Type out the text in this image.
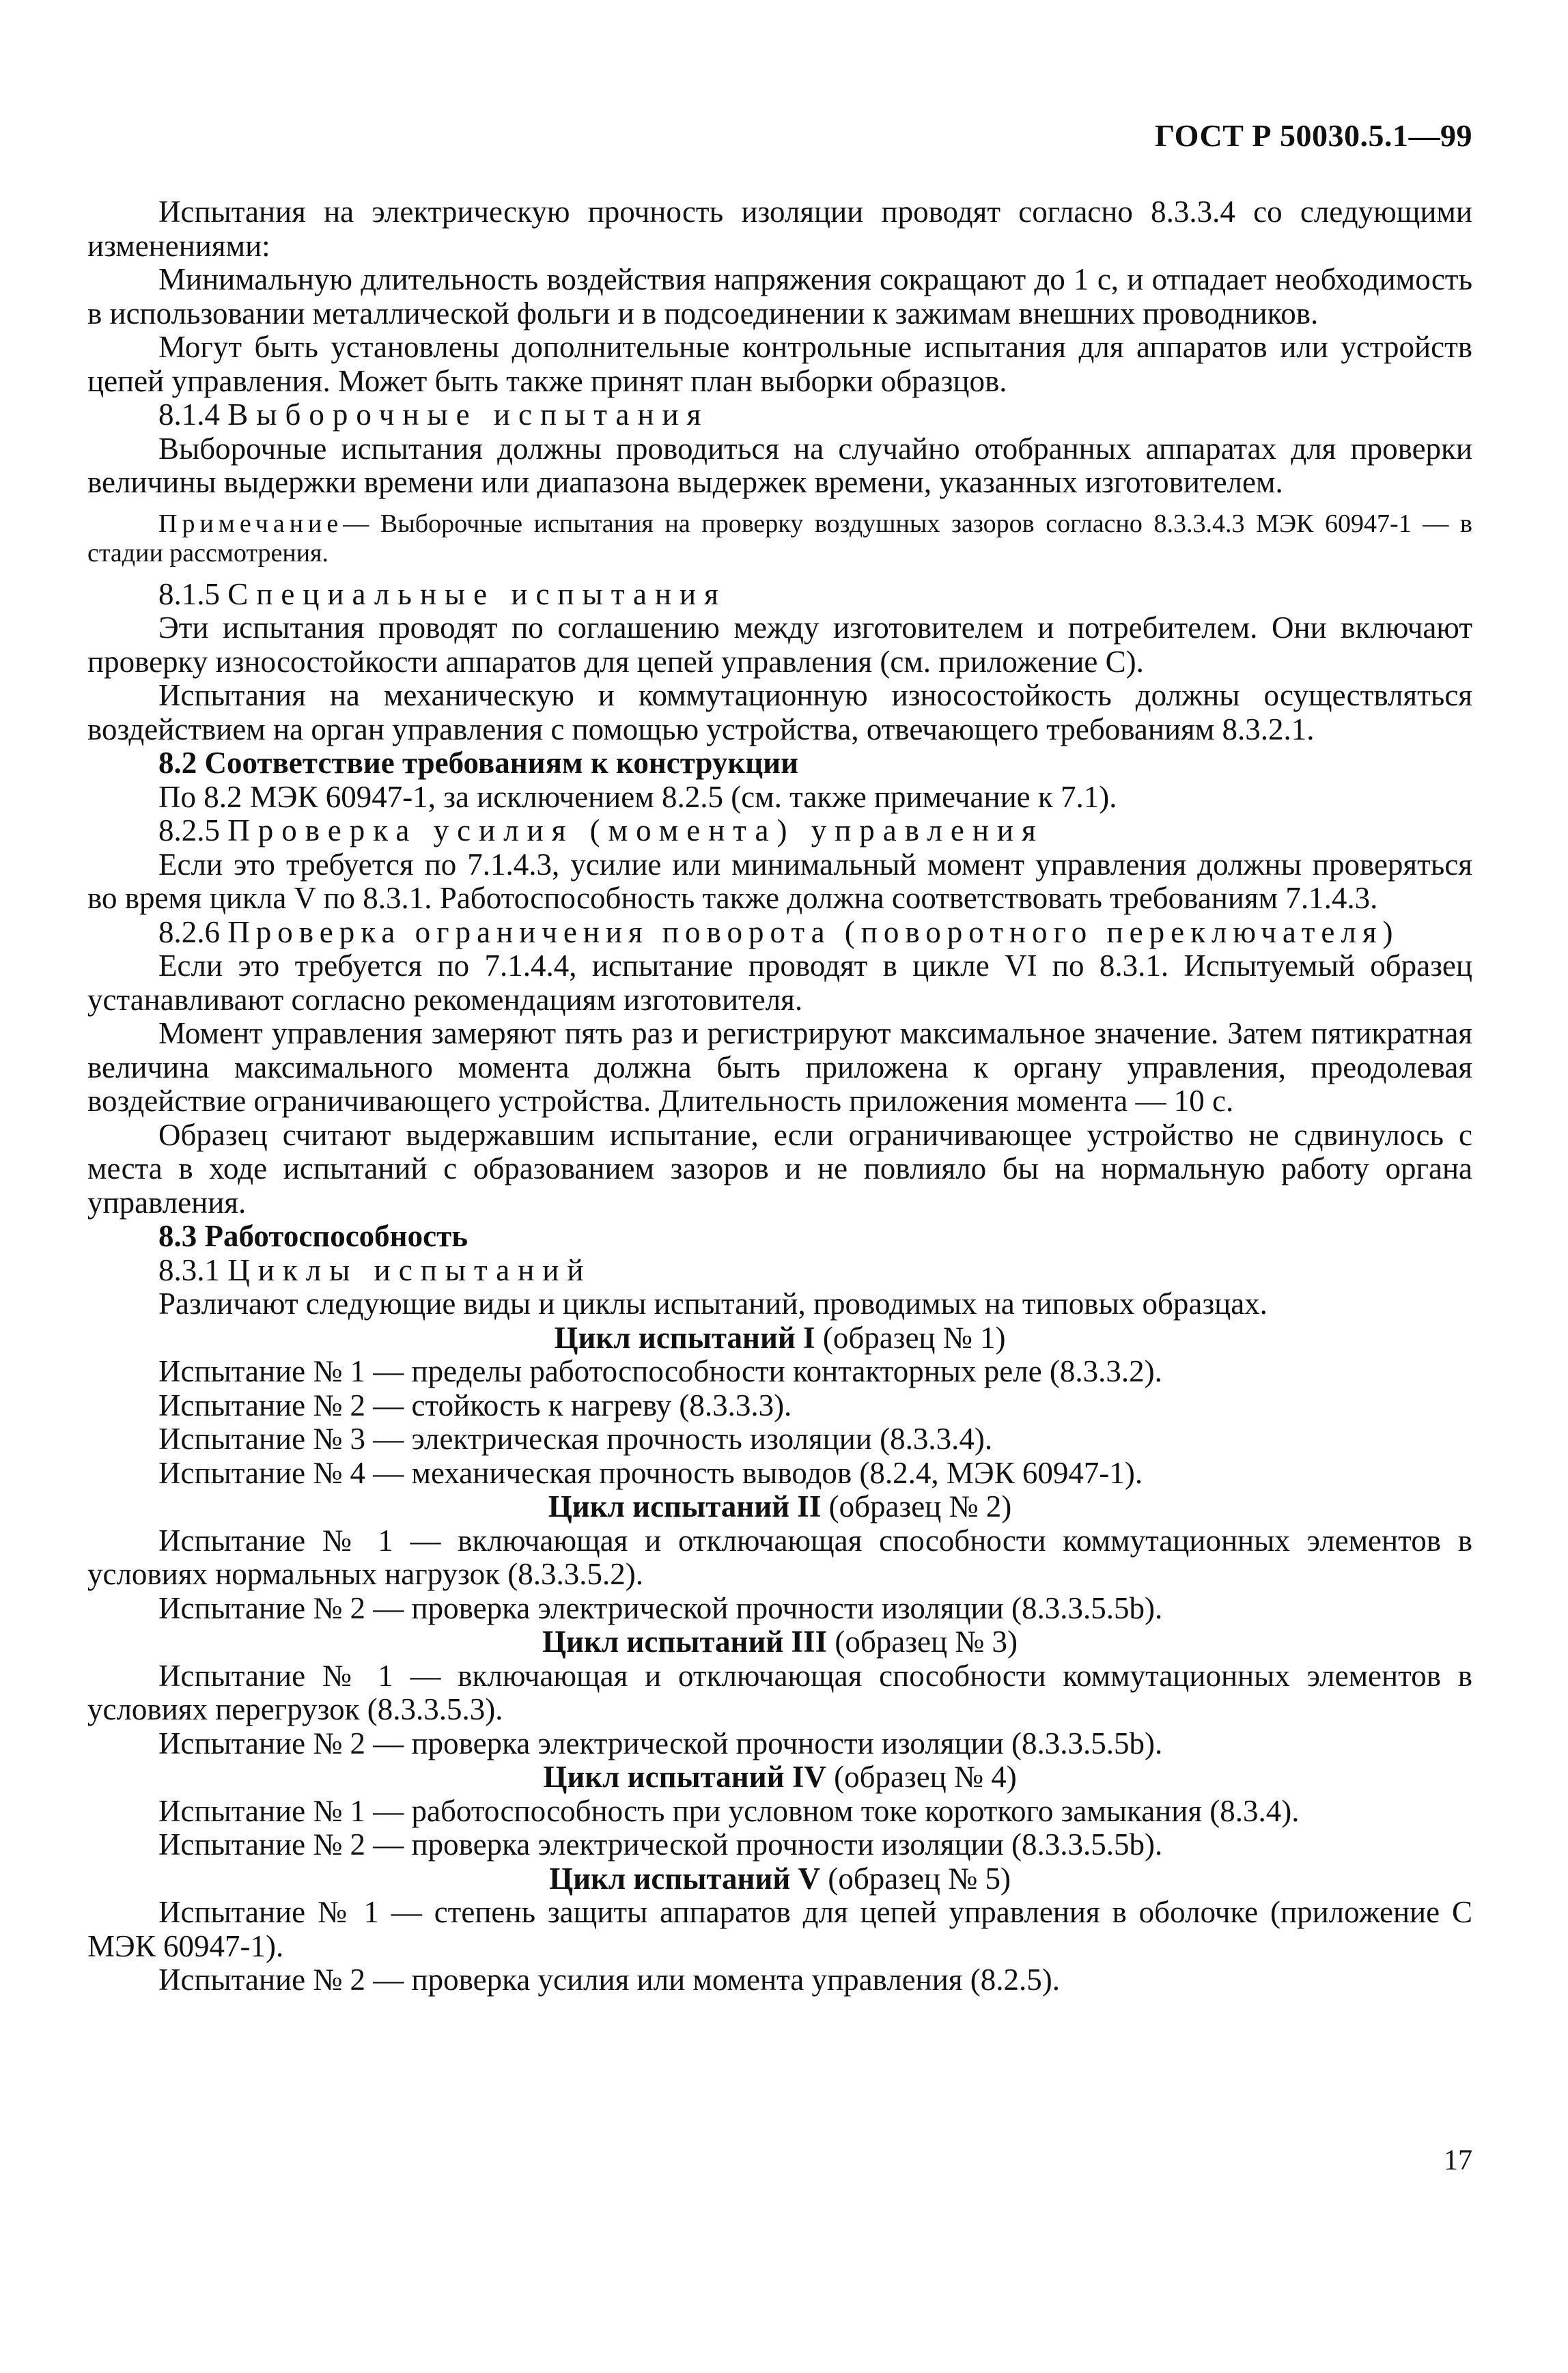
ГОСТ Р 50030.5.1—99

Испытания на электрическую прочность изоляции проводят согласно 8.3.3.4 со следующими изменениями:

Минимальную длительность воздействия напряжения сокращают до 1 с, и отпадает необходимость в использовании металлической фольги и в подсоединении к зажимам внешних проводников.

Могут быть установлены дополнительные контрольные испытания для аппаратов или устройств цепей управления. Может быть также принят план выборки образцов.

8.1.4 Выборочные испытания

Выборочные испытания должны проводиться на случайно отобранных аппаратах для проверки величины выдержки времени или диапазона выдержек времени, указанных изготовителем.

Примечание— Выборочные испытания на проверку воздушных зазоров согласно 8.3.3.4.3 МЭК 60947-1 — в стадии рассмотрения.

8.1.5 Специальные испытания

Эти испытания проводят по соглашению между изготовителем и потребителем. Они включают проверку износостойкости аппаратов для цепей управления (см. приложение С).

Испытания на механическую и коммутационную износостойкость должны осуществляться воздействием на орган управления с помощью устройства, отвечающего требованиям 8.3.2.1.

8.2 Соответствие требованиям к конструкции

По 8.2 МЭК 60947-1, за исключением 8.2.5 (см. также примечание к 7.1).

8.2.5 Проверка усилия (момента) управления

Если это требуется по 7.1.4.3, усилие или минимальный момент управления должны проверяться во время цикла V по 8.3.1. Работоспособность также должна соответствовать требованиям 7.1.4.3.

8.2.6 Проверка ограничения поворота (поворотного переключателя)

Если это требуется по 7.1.4.4, испытание проводят в цикле VI по 8.3.1. Испытуемый образец устанавливают согласно рекомендациям изготовителя.

Момент управления замеряют пять раз и регистрируют максимальное значение. Затем пятикратная величина максимального момента должна быть приложена к органу управления, преодолевая воздействие ограничивающего устройства. Длительность приложения момента — 10 с.

Образец считают выдержавшим испытание, если ограничивающее устройство не сдвинулось с места в ходе испытаний с образованием зазоров и не повлияло бы на нормальную работу органа управления.

8.3 Работоспособность

8.3.1 Циклы испытаний

Различают следующие виды и циклы испытаний, проводимых на типовых образцах.

Цикл испытаний I (образец № 1)

Испытание № 1 — пределы работоспособности контакторных реле (8.3.3.2).

Испытание № 2 — стойкость к нагреву (8.3.3.3).

Испытание № 3 — электрическая прочность изоляции (8.3.3.4).

Испытание № 4 — механическая прочность выводов (8.2.4, МЭК 60947-1).

Цикл испытаний II (образец № 2)

Испытание № 1 — включающая и отключающая способности коммутационных элементов в условиях нормальных нагрузок (8.3.3.5.2).

Испытание № 2 — проверка электрической прочности изоляции (8.3.3.5.5b).

Цикл испытаний III (образец № 3)

Испытание № 1 — включающая и отключающая способности коммутационных элементов в условиях перегрузок (8.3.3.5.3).

Испытание № 2 — проверка электрической прочности изоляции (8.3.3.5.5b).

Цикл испытаний IV (образец № 4)

Испытание № 1 — работоспособность при условном токе короткого замыкания (8.3.4).

Испытание № 2 — проверка электрической прочности изоляции (8.3.3.5.5b).

Цикл испытаний V (образец № 5)

Испытание № 1 — степень защиты аппаратов для цепей управления в оболочке (приложение С МЭК 60947-1).

Испытание № 2 — проверка усилия или момента управления (8.2.5).

17
